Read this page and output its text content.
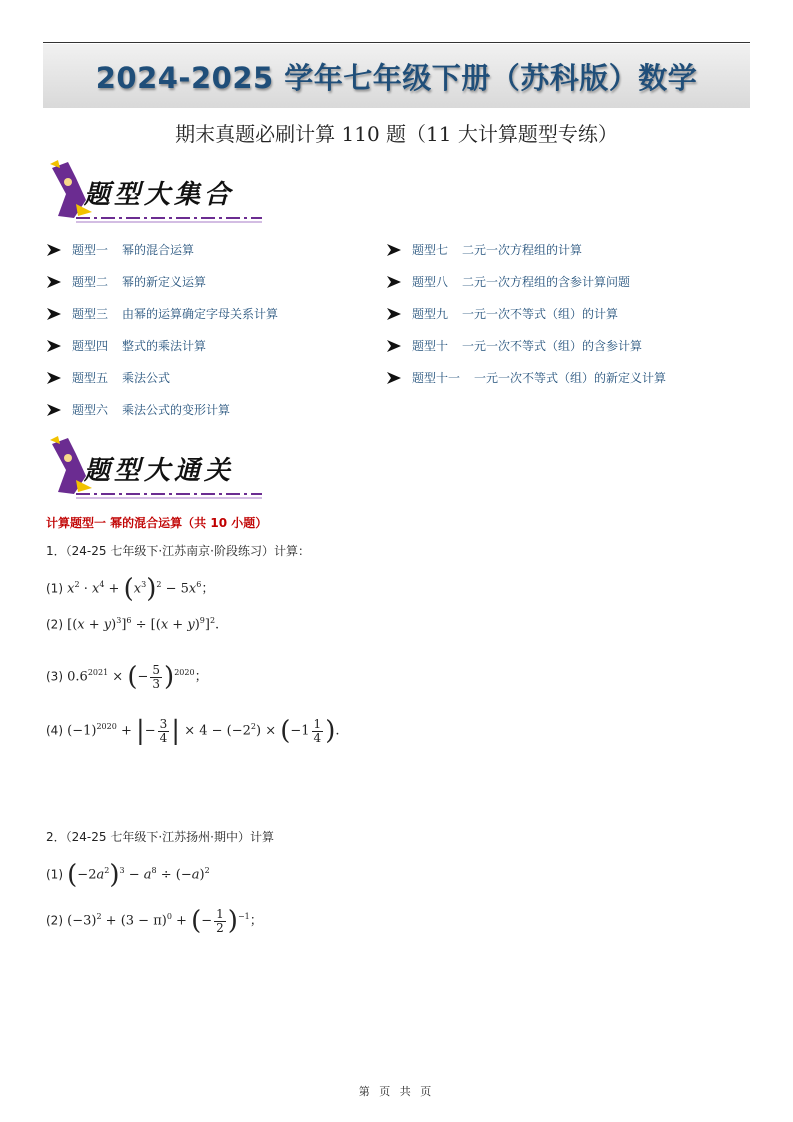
2024-2025 学年七年级下册（苏科版）数学
期末真题必刷计算 110 题（11 大计算题型专练）
题型大集合
题型一 幂的混合运算
题型二 幂的新定义运算
题型三 由幂的运算确定字母关系计算
题型四 整式的乘法计算
题型五 乘法公式
题型六 乘法公式的变形计算
题型七 二元一次方程组的计算
题型八 二元一次方程组的含参计算问题
题型九 一元一次不等式（组）的计算
题型十 一元一次不等式（组）的含参计算
题型十一 一元一次不等式（组）的新定义计算
题型大通关
计算题型一 幂的混合运算（共 10 小题）
1．（24-25 七年级下·江苏南京·阶段练习）计算：
(1) $x^2 \cdot x^4 + (x^3)^2 - 5x^6$；
(2) $[(x + y)^3]^6 \div [(x + y)^9]^2$.
(3) $0.6^{2021}$ × (− $\frac{5}{3} )^{2020}$；
(4) $(-1)^{2020}$ + |− $\frac{3}{4}$ | × $4 - (-2^2) \times (-1 \frac{1}{4}$ ).
2．（24-25 七年级下·江苏扬州·期中）计算
(1) $(-2a^2)^3 - a^8 \div (-a)^2$
(2) $(-3)^2 + (3 - \pi)^0$ + (− $\frac{1}{2} )^{-1}$；
第 页 共 页
